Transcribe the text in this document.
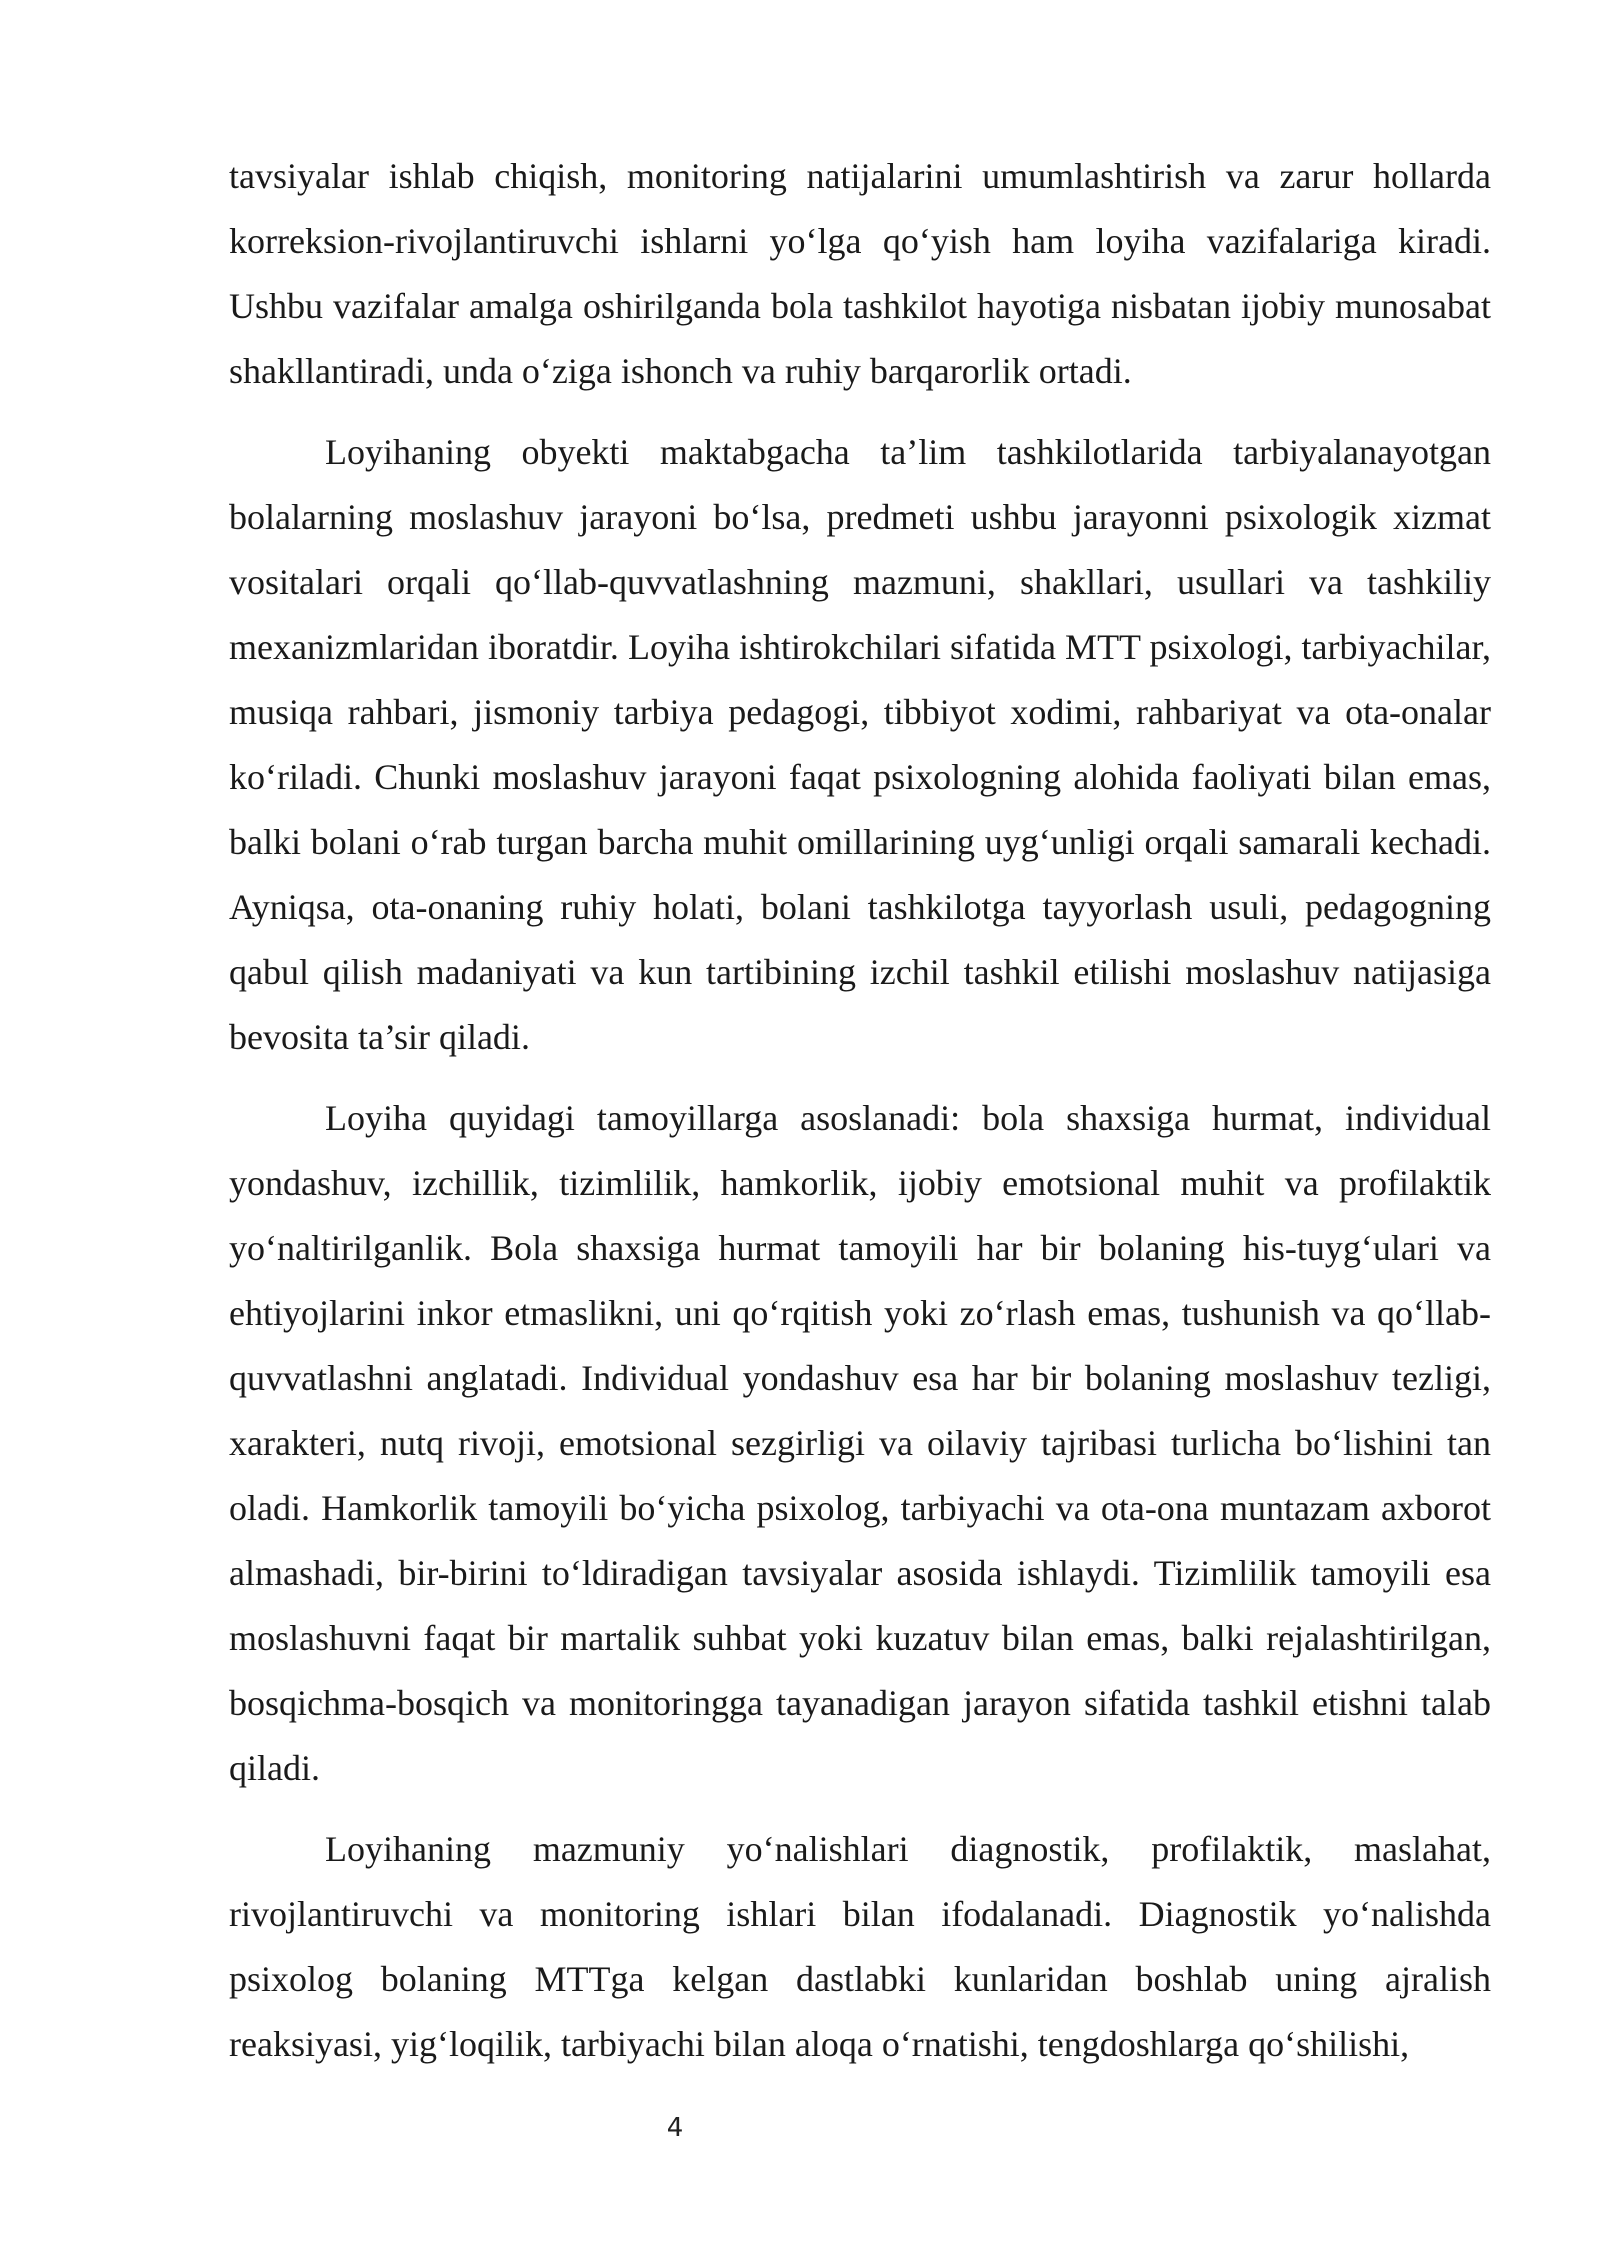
tavsiyalar ishlab chiqish, monitoring natijalarini umumlashtirish va zarur hollarda korreksion-rivojlantiruvchi ishlarni yo‘lga qo‘yish ham loyiha vazifalariga kiradi. Ushbu vazifalar amalga oshirilganda bola tashkilot hayotiga nisbatan ijobiy munosabat shakllantiradi, unda o‘ziga ishonch va ruhiy barqarorlik ortadi.

Loyihaning obyekti maktabgacha ta’lim tashkilotlarida tarbiyalanayotgan bolalarning moslashuv jarayoni bo‘lsa, predmeti ushbu jarayonni psixologik xizmat vositalari orqali qo‘llab-quvvatlashning mazmuni, shakllari, usullari va tashkiliy mexanizmlaridan iboratdir. Loyiha ishtirokchilari sifatida MTT psixologi, tarbiyachilar, musiqa rahbari, jismoniy tarbiya pedagogi, tibbiyot xodimi, rahbariyat va ota-onalar ko‘riladi. Chunki moslashuv jarayoni faqat psixologning alohida faoliyati bilan emas, balki bolani o‘rab turgan barcha muhit omillarining uyg‘unligi orqali samarali kechadi. Ayniqsa, ota-onaning ruhiy holati, bolani tashkilotga tayyorlash usuli, pedagogning qabul qilish madaniyati va kun tartibining izchil tashkil etilishi moslashuv natijasiga bevosita ta’sir qiladi.

Loyiha quyidagi tamoyillarga asoslanadi: bola shaxsiga hurmat, individual yondashuv, izchillik, tizimlilik, hamkorlik, ijobiy emotsional muhit va profilaktik yo‘naltirilganlik. Bola shaxsiga hurmat tamoyili har bir bolaning his-tuyg‘ulari va ehtiyojlarini inkor etmaslikni, uni qo‘rqitish yoki zo‘rlash emas, tushunish va qo‘llab-quvvatlashni anglatadi. Individual yondashuv esa har bir bolaning moslashuv tezligi, xarakteri, nutq rivoji, emotsional sezgirligi va oilaviy tajribasi turlicha bo‘lishini tan oladi. Hamkorlik tamoyili bo‘yicha psixolog, tarbiyachi va ota-ona muntazam axborot almashadi, bir-birini to‘ldiradigan tavsiyalar asosida ishlaydi. Tizimlilik tamoyili esa moslashuvni faqat bir martalik suhbat yoki kuzatuv bilan emas, balki rejalashtirilgan, bosqichma-bosqich va monitoringga tayanadigan jarayon sifatida tashkil etishni talab qiladi.

Loyihaning mazmuniy yo‘nalishlari diagnostik, profilaktik, maslahat, rivojlantiruvchi va monitoring ishlari bilan ifodalanadi. Diagnostik yo‘nalishda psixolog bolaning MTTga kelgan dastlabki kunlaridan boshlab uning ajralish reaksiyasi, yig‘loqilik, tarbiyachi bilan aloqa o‘rnatishi, tengdoshlarga qo‘shilishi,

4
